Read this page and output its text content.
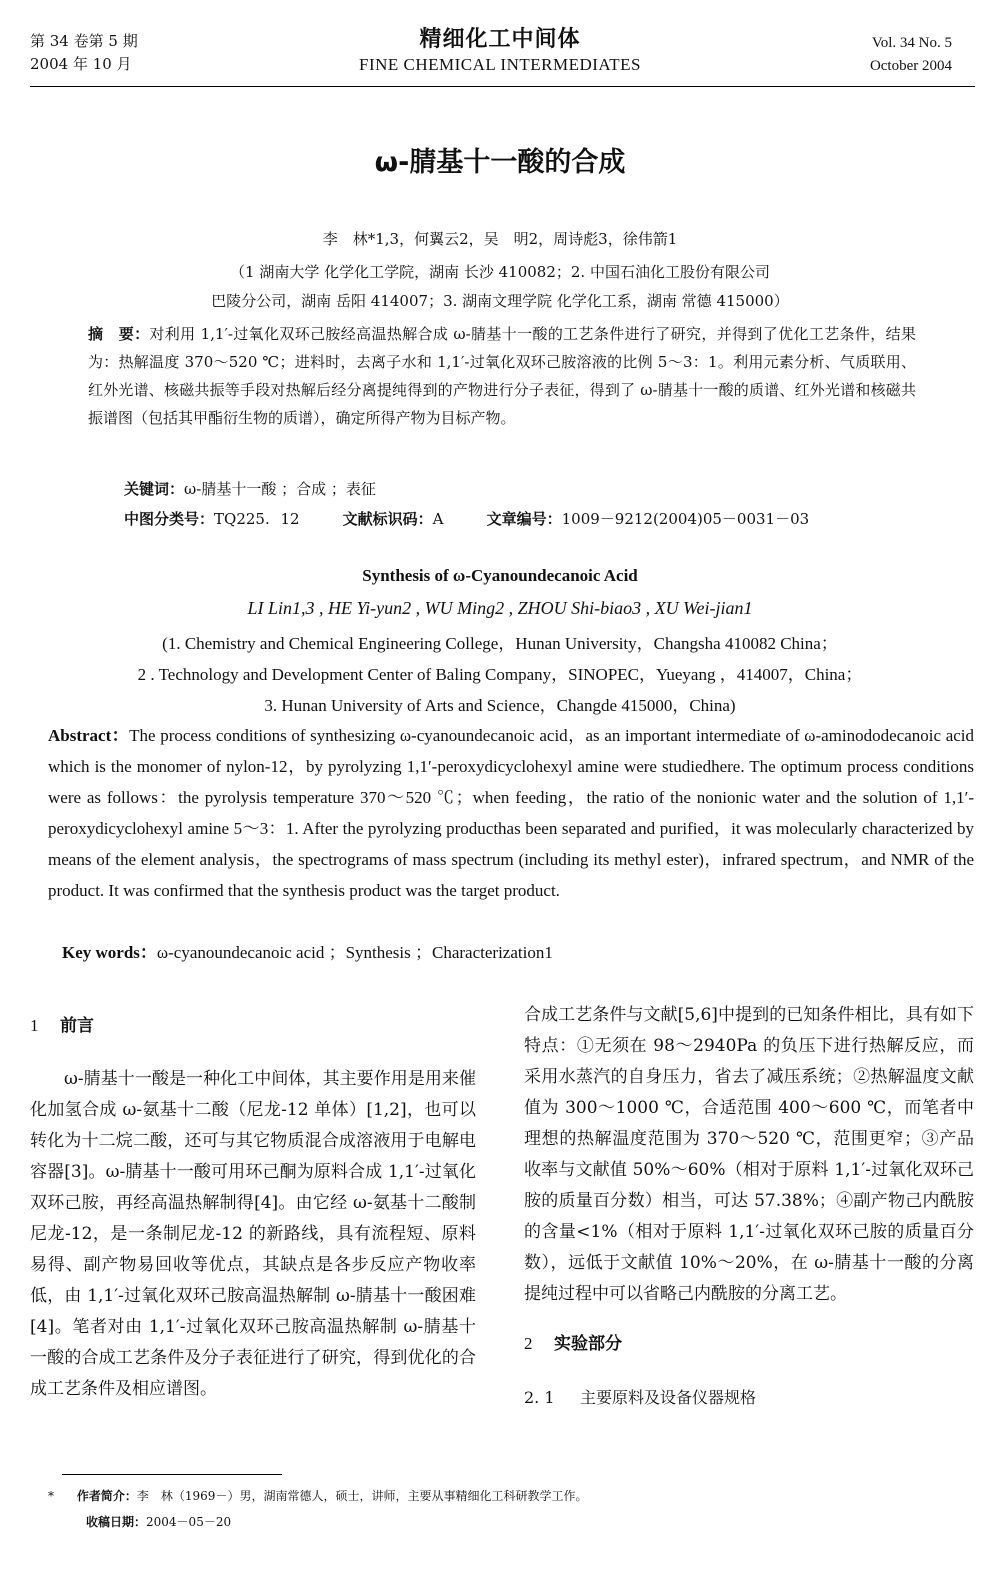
第 34 卷第 5 期
2004 年 10 月
精细化工中间体
FINE CHEMICAL INTERMEDIATES
Vol. 34 No. 5
October 2004
ω-腈基十一酸的合成
李　林*1,3，何翼云2，吴　明2，周诗彪3，徐伟箭1
（1 湖南大学 化学化工学院，湖南 长沙 410082；2. 中国石油化工股份有限公司
巴陵分公司，湖南 岳阳 414007；3. 湖南文理学院 化学化工系，湖南 常德 415000）
摘　要：对利用 1,1′-过氧化双环己胺经高温热解合成 ω-腈基十一酸的工艺条件进行了研究，并得到了优化工艺条件，结果为：热解温度 370～520 ℃；进料时，去离子水和 1,1′-过氧化双环己胺溶液的比例 5～3：1。利用元素分析、气质联用、红外光谱、核磁共振等手段对热解后经分离提纯得到的产物进行分子表征，得到了 ω-腈基十一酸的质谱、红外光谱和核磁共振谱图（包括其甲酯衍生物的质谱），确定所得产物为目标产物。
关键词：ω-腈基十一酸 ；合成 ；表征
中图分类号：TQ225. 12	文献标识码：A	文章编号：1009－9212(2004)05－0031－03
Synthesis of ω-Cyanoundecanoic Acid
LI Lin1,3 , HE Yi-yun2 , WU Ming2 , ZHOU Shi-biao3 , XU Wei-jian1
(1. Chemistry and Chemical Engineering College，Hunan University，Changsha 410082 China；
2 . Technology and Development Center of Baling Company，SINOPEC，Yueyang ，414007，China；
3. Hunan University of Arts and Science，Changde 415000，China)
Abstract：The process conditions of synthesizing ω-cyanoundecanoic acid，as an important intermediate of ω-aminododecanoic acid which is the monomer of nylon-12，by pyrolyzing 1,1′-peroxydicyclohexyl amine were studiedhere. The optimum process conditions were as follows：the pyrolysis temperature 370～520 ℃；when feeding，the ratio of the nonionic water and the solution of 1,1′-peroxydicyclohexyl amine 5～3：1. After the pyrolyzing producthas been separated and purified，it was molecularly characterized by means of the element analysis，the spectrograms of mass spectrum (including its methyl ester)，infrared spectrum，and NMR of the product. It was confirmed that the synthesis product was the target product.
Key words：ω-cyanoundecanoic acid ；Synthesis ；Characterization1
1 前言

ω-腈基十一酸是一种化工中间体，其主要作用是用来催化加氢合成 ω-氨基十二酸（尼龙-12 单体）[1,2]，也可以转化为十二烷二酸，还可与其它物质混合成溶液用于电解电容器[3]。ω-腈基十一酸可用环己酮为原料合成 1,1′-过氧化双环己胺，再经高温热解制得[4]。由它经 ω-氨基十二酸制尼龙-12，是一条制尼龙-12 的新路线，具有流程短、原料易得、副产物易回收等优点，其缺点是各步反应产物收率低，由 1,1′-过氧化双环己胺高温热解制 ω-腈基十一酸困难[4]。笔者对由 1,1′-过氧化双环己胺高温热解制 ω-腈基十一酸的合成工艺条件及分子表征进行了研究，得到优化的合成工艺条件及相应谱图。

合成工艺条件与文献[5,6]中提到的已知条件相比，具有如下特点：①无须在 98～2940Pa 的负压下进行热解反应，而采用水蒸汽的自身压力，省去了减压系统；②热解温度文献值为 300～1000 ℃，合适范围 400～600 ℃，而笔者中理想的热解温度范围为 370～520 ℃，范围更窄；③产品收率与文献值 50%～60%（相对于原料 1,1′-过氧化双环己胺的质量百分数）相当，可达 57.38%；④副产物己内酰胺的含量<1%（相对于原料 1,1′-过氧化双环己胺的质量百分数），远低于文献值 10%～20%，在 ω-腈基十一酸的分离提纯过程中可以省略己内酰胺的分离工艺。

2 实验部分
2. 1 主要原料及设备仪器规格
* 作者简介：李　林（1969－）男，湖南常德人，硕士，讲师，主要从事精细化工科研教学工作。
收稿日期：2004－05－20
